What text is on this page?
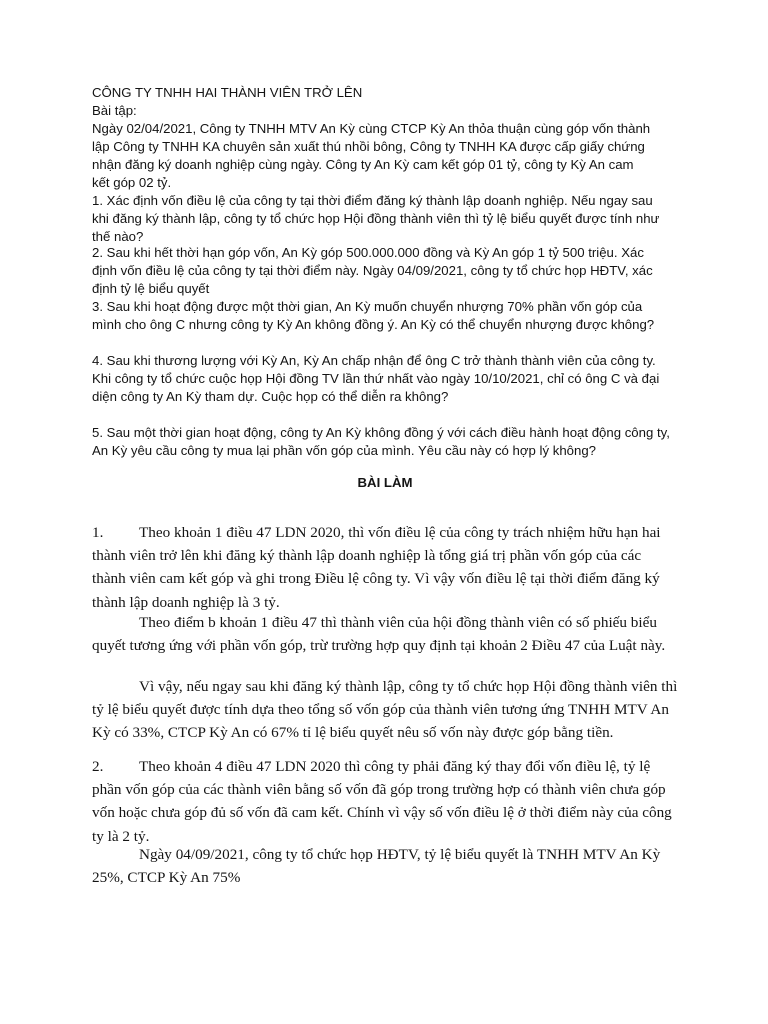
CÔNG TY TNHH HAI THÀNH VIÊN TRỞ LÊN

Bài tập:

Ngày 02/04/2021, Công ty TNHH MTV An Kỳ cùng CTCP Kỳ An thỏa thuận cùng góp vốn thành lập Công ty TNHH KA chuyên sản xuất thú nhồi bông, Công ty TNHH KA được cấp giấy chứng nhận đăng ký doanh nghiệp cùng ngày. Công ty An Kỳ cam kết góp 01 tỷ, công ty Kỳ An cam kết góp 02 tỷ.

1. Xác định vốn điều lệ của công ty tại thời điểm đăng ký thành lập doanh nghiệp. Nếu ngay sau khi đăng ký thành lập, công ty tổ chức họp Hội đồng thành viên thì tỷ lệ biểu quyết được tính như thế nào?

2. Sau khi hết thời hạn góp vốn, An Kỳ góp 500.000.000 đồng và Kỳ An góp 1 tỷ 500 triệu. Xác định vốn điều lệ của công ty tại thời điểm này. Ngày 04/09/2021, công ty tổ chức họp HĐTV, xác định tỷ lệ biểu quyết

3. Sau khi hoạt động được một thời gian, An Kỳ muốn chuyển nhượng 70% phần vốn góp của mình cho ông C nhưng công ty Kỳ An không đồng ý. An Kỳ có thể chuyển nhượng được không?

4. Sau khi thương lượng với Kỳ An, Kỳ An chấp nhận để ông C trở thành thành viên của công ty. Khi công ty tổ chức cuộc họp Hội đồng TV lần thứ nhất vào ngày 10/10/2021, chỉ có ông C và đại diện công ty An Kỳ tham dự. Cuộc họp có thể diễn ra không?

5. Sau một thời gian hoạt động, công ty An Kỳ không đồng ý với cách điều hành hoạt động công ty, An Kỳ yêu cầu công ty mua lại phần vốn góp của mình. Yêu cầu này có hợp lý không?

BÀI LÀM

1. Theo khoản 1 điều 47 LDN 2020, thì vốn điều lệ của công ty trách nhiệm hữu hạn hai thành viên trở lên khi đăng ký thành lập doanh nghiệp là tổng giá trị phần vốn góp của các thành viên cam kết góp và ghi trong Điều lệ công ty. Vì vậy vốn điều lệ tại thời điểm đăng ký thành lập doanh nghiệp là 3 tỷ.

Theo điểm b khoản 1 điều 47 thì thành viên của hội đồng thành viên có số phiếu biểu quyết tương ứng với phần vốn góp, trừ trường hợp quy định tại khoản 2 Điều 47 của Luật này.

Vì vậy, nếu ngay sau khi đăng ký thành lập, công ty tổ chức họp Hội đồng thành viên thì tỷ lệ biểu quyết được tính dựa theo tổng số vốn góp của thành viên tương ứng TNHH MTV An Kỳ có 33%, CTCP Kỳ An có 67% tỉ lệ biểu quyết nêu số vốn này được góp bằng tiền.

2. Theo khoản 4 điều 47 LDN 2020 thì công ty phải đăng ký thay đổi vốn điều lệ, tỷ lệ phần vốn góp của các thành viên bằng số vốn đã góp trong trường hợp có thành viên chưa góp vốn hoặc chưa góp đủ số vốn đã cam kết. Chính vì vậy số vốn điều lệ ở thời điểm này của công ty là 2 tỷ.

Ngày 04/09/2021, công ty tổ chức họp HĐTV, tỷ lệ biểu quyết là TNHH MTV An Kỳ 25%, CTCP Kỳ An 75%
